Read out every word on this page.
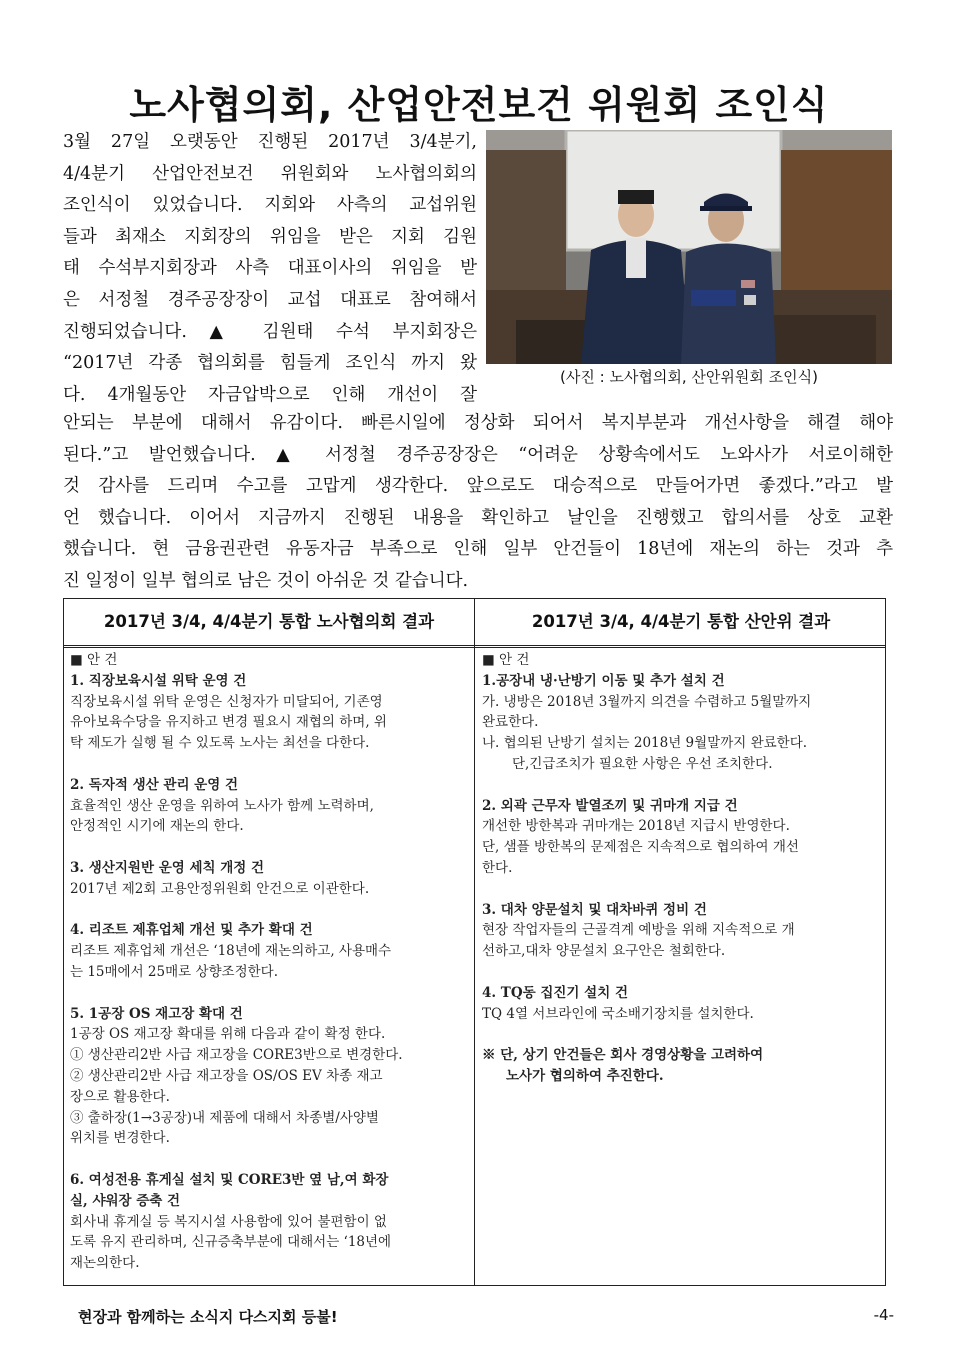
노사협의회, 산업안전보건 위원회 조인식
3월 27일 오랫동안 진행된 2017년 3/4분기,
4/4분기 산업안전보건 위원회와 노사협의회의
조인식이 있었습니다. 지회와 사측의 교섭위원
들과 최재소 지회장의 위임을 받은 지회 김원
태 수석부지회장과 사측 대표이사의 위임을 받
은 서정철 경주공장장이 교섭 대표로 참여해서
진행되었습니다. ▲ 김원태 수석 부지회장은
“2017년 각종 협의회를 힘들게 조인식 까지 왔
다. 4개월동안 자금압박으로 인해 개선이 잘
(사진 : 노사협의회, 산안위원회 조인식)
안되는 부분에 대해서 유감이다. 빠른시일에 정상화 되어서 복지부분과 개선사항을 해결 해야
된다.”고 발언했습니다. ▲ 서정철 경주공장장은 “어려운 상황속에서도 노와사가 서로이해한
것 감사를 드리며 수고를 고맙게 생각한다. 앞으로도 대승적으로 만들어가면 좋겠다.”라고 발
언 했습니다. 이어서 지금까지 진행된 내용을 확인하고 날인을 진행했고 합의서를 상호 교환
했습니다. 현 금융권관련 유동자금 부족으로 인해 일부 안건들이 18년에 재논의 하는 것과 추
진 일정이 일부 협의로 남은 것이 아쉬운 것 같습니다.
2017년 3/4, 4/4분기 통합 노사협의회 결과	2017년 3/4, 4/4분기 통합 산안위 결과
■ 안 건
1. 직장보육시설 위탁 운영 건
직장보육시설 위탁 운영은 신청자가 미달되어, 기존영
유아보육수당을 유지하고 변경 필요시 재협의 하며, 위
탁 제도가 실행 될 수 있도록 노사는 최선을 다한다.
2. 독자적 생산 관리 운영 건
효율적인 생산 운영을 위하여 노사가 함께 노력하며,
안정적인 시기에 재논의 한다.
3. 생산지원반 운영 세칙 개정 건
2017년 제2회 고용안정위원회 안건으로 이관한다.
4. 리조트 제휴업체 개선 및 추가 확대 건
리조트 제휴업체 개선은 ‘18년에 재논의하고, 사용매수
는 15매에서 25매로 상향조정한다.
5. 1공장 OS 재고장 확대 건
1공장 OS 재고장 확대를 위해 다음과 같이 확정 한다.
① 생산관리2반 사급 재고장을 CORE3반으로 변경한다.
② 생산관리2반 사급 재고장을 OS/OS EV 차종 재고
장으로 활용한다.
③ 출하장(1→3공장)내 제품에 대해서 차종별/사양별
위치를 변경한다.
6. 여성전용 휴게실 설치 및 CORE3반 옆 남,여 화장
실, 샤워장 증축 건
회사내 휴게실 등 복지시설 사용함에 있어 불편함이 없
도록 유지 관리하며, 신규증축부분에 대해서는 ‘18년에
재논의한다.
■ 안 건
1.공장내 냉·난방기 이동 및 추가 설치 건
가. 냉방은 2018년 3월까지 의견을 수렴하고 5월말까지
완료한다.
나. 협의된 난방기 설치는 2018년 9월말까지 완료한다.
단,긴급조치가 필요한 사항은 우선 조치한다.
2. 외곽 근무자 발열조끼 및 귀마개 지급 건
개선한 방한복과 귀마개는 2018년 지급시 반영한다.
단, 샘플 방한복의 문제점은 지속적으로 협의하여 개선
한다.
3. 대차 양문설치 및 대차바퀴 정비 건
현장 작업자들의 근골격계 예방을 위해 지속적으로 개
선하고,대차 양문설치 요구안은 철회한다.
4. TQ동 집진기 설치 건
TQ 4열 서브라인에 국소배기장치를 설치한다.
※ 단, 상기 안건들은 회사 경영상황을 고려하여
노사가 협의하여 추진한다.
현장과 함께하는 소식지 다스지회 등불!	-4-
